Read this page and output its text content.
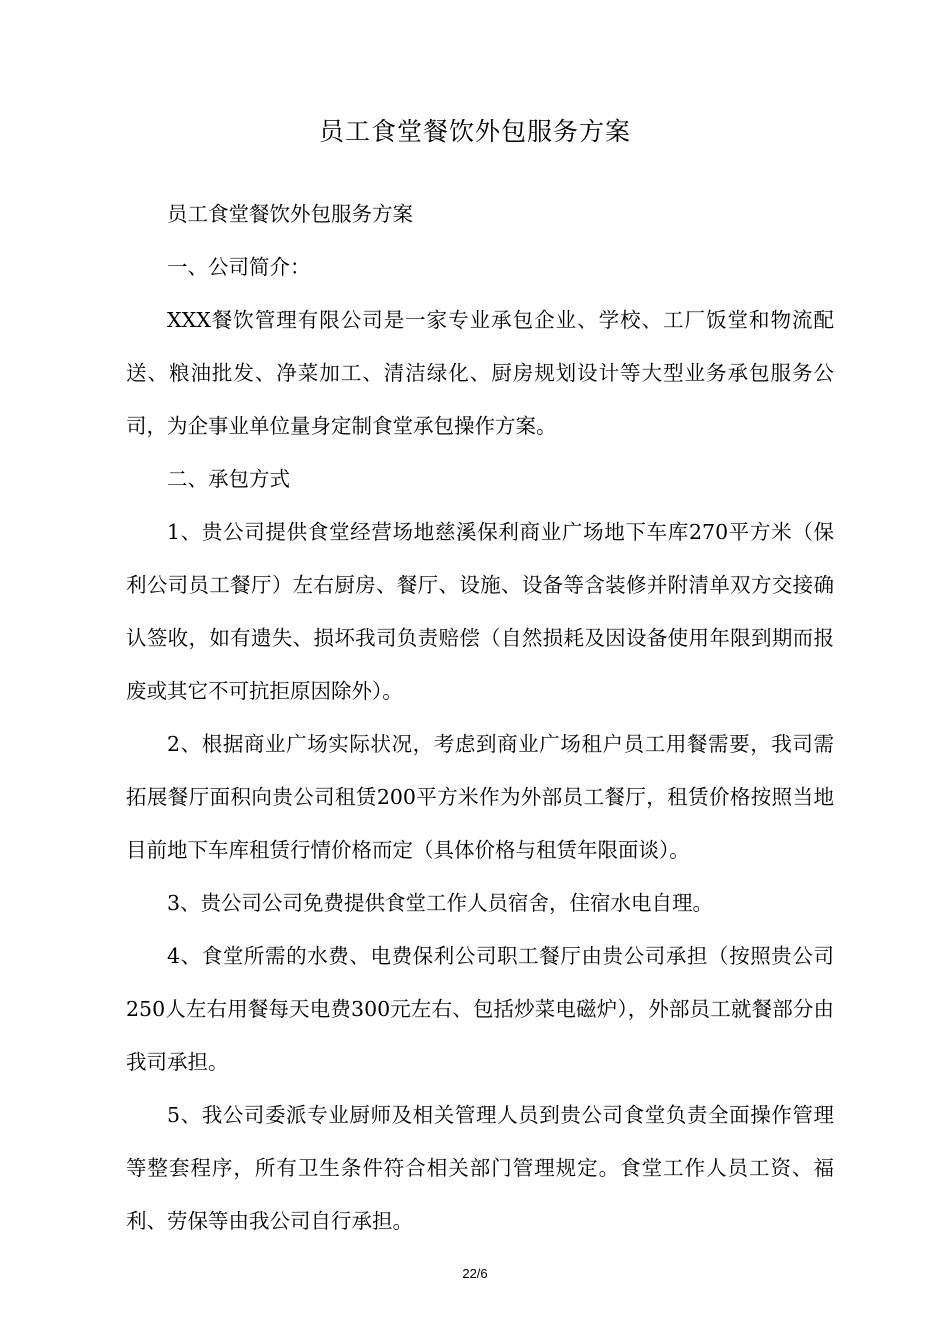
员工食堂餐饮外包服务方案

员工食堂餐饮外包服务方案

一、公司简介：

XXX餐饮管理有限公司是一家专业承包企业、学校、工厂饭堂和物流配送、粮油批发、净菜加工、清洁绿化、厨房规划设计等大型业务承包服务公司，为企事业单位量身定制食堂承包操作方案。

二、承包方式

1、贵公司提供食堂经营场地慈溪保利商业广场地下车库270平方米（保利公司员工餐厅）左右厨房、餐厅、设施、设备等含装修并附清单双方交接确认签收，如有遗失、损坏我司负责赔偿（自然损耗及因设备使用年限到期而报废或其它不可抗拒原因除外）。

2、根据商业广场实际状况，考虑到商业广场租户员工用餐需要，我司需拓展餐厅面积向贵公司租赁200平方米作为外部员工餐厅，租赁价格按照当地目前地下车库租赁行情价格而定（具体价格与租赁年限面谈）。

3、贵公司公司免费提供食堂工作人员宿舍，住宿水电自理。

4、食堂所需的水费、电费保利公司职工餐厅由贵公司承担（按照贵公司250人左右用餐每天电费300元左右、包括炒菜电磁炉），外部员工就餐部分由我司承担。

5、我公司委派专业厨师及相关管理人员到贵公司食堂负责全面操作管理等整套程序，所有卫生条件符合相关部门管理规定。食堂工作人员工资、福利、劳保等由我公司自行承担。

22/6
